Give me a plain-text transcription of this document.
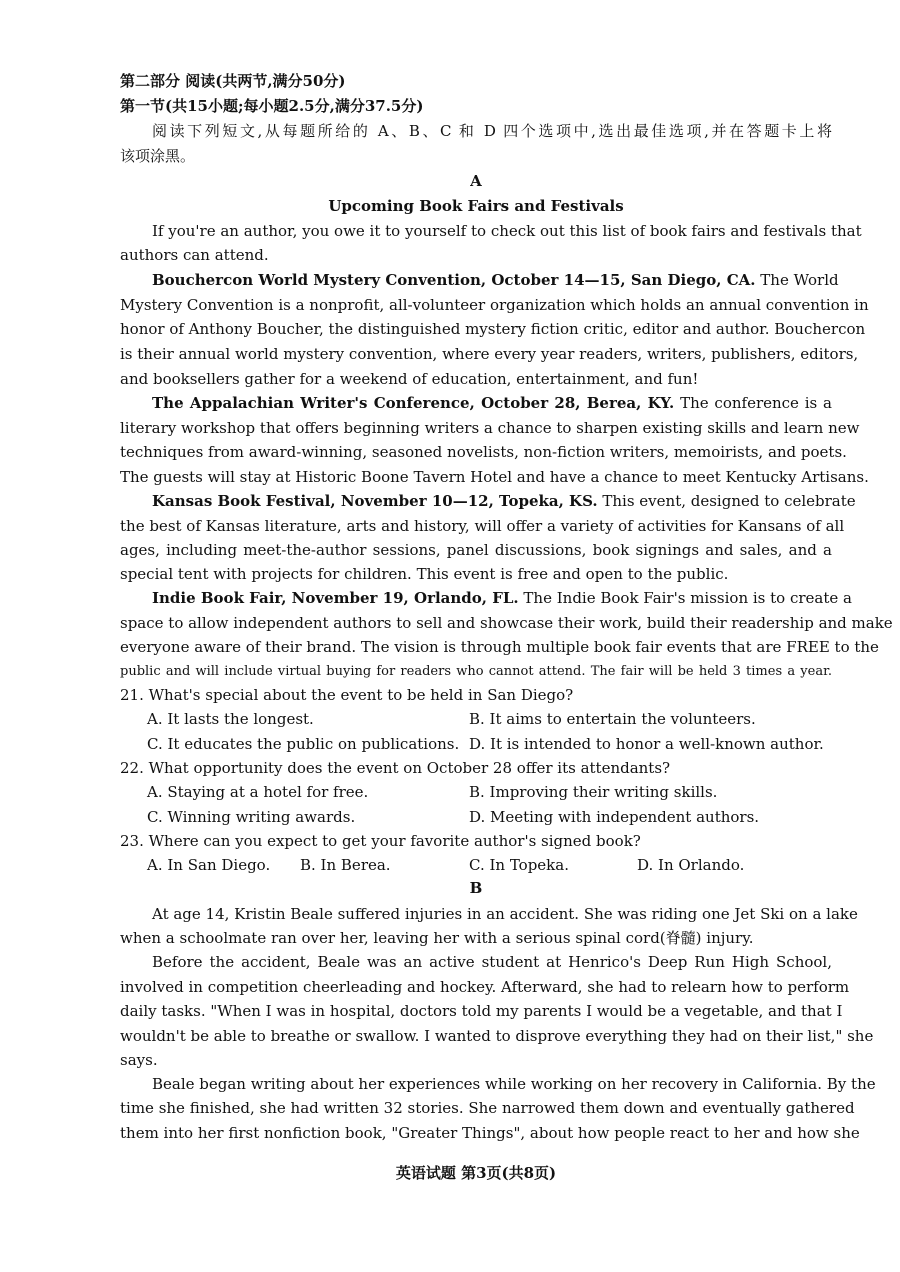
第二部分 阅读(共两节,满分50分)
第一节(共15小题;每小题2.5分,满分37.5分)
阅读下列短文,从每题所给的 A、B、C 和 D 四个选项中,选出最佳选项,并在答题卡上将
该项涂黑。
A
Upcoming Book Fairs and Festivals
If you're an author, you owe it to yourself to check out this list of book fairs and festivals that
authors can attend.
Bouchercon World Mystery Convention, October 14—15, San Diego, CA. The World
Mystery Convention is a nonprofit, all-volunteer organization which holds an annual convention in
honor of Anthony Boucher, the distinguished mystery fiction critic, editor and author. Bouchercon
is their annual world mystery convention, where every year readers, writers, publishers, editors,
and booksellers gather for a weekend of education, entertainment, and fun!
The Appalachian Writer's Conference, October 28, Berea, KY. The conference is a
literary workshop that offers beginning writers a chance to sharpen existing skills and learn new
techniques from award-winning, seasoned novelists, non-fiction writers, memoirists, and poets.
The guests will stay at Historic Boone Tavern Hotel and have a chance to meet Kentucky Artisans.
Kansas Book Festival, November 10—12, Topeka, KS. This event, designed to celebrate
the best of Kansas literature, arts and history, will offer a variety of activities for Kansans of all
ages, including meet-the-author sessions, panel discussions, book signings and sales, and a
special tent with projects for children. This event is free and open to the public.
Indie Book Fair, November 19, Orlando, FL. The Indie Book Fair's mission is to create a
space to allow independent authors to sell and showcase their work, build their readership and make
everyone aware of their brand. The vision is through multiple book fair events that are FREE to the
public and will include virtual buying for readers who cannot attend. The fair will be held 3 times a year.
21. What's special about the event to be held in San Diego?
A. It lasts the longest.	B. It aims to entertain the volunteers.
C. It educates the public on publications. D. It is intended to honor a well-known author.
22. What opportunity does the event on October 28 offer its attendants?
A. Staying at a hotel for free.	B. Improving their writing skills.
C. Winning writing awards.	D. Meeting with independent authors.
23. Where can you expect to get your favorite author's signed book?
A. In San Diego. B. In Berea.	C. In Topeka.	D. In Orlando.
B
At age 14, Kristin Beale suffered injuries in an accident. She was riding one Jet Ski on a lake
when a schoolmate ran over her, leaving her with a serious spinal cord(脊髓) injury.
Before the accident, Beale was an active student at Henrico's Deep Run High School,
involved in competition cheerleading and hockey. Afterward, she had to relearn how to perform
daily tasks. "When I was in hospital, doctors told my parents I would be a vegetable, and that I
wouldn't be able to breathe or swallow. I wanted to disprove everything they had on their list," she
says.
Beale began writing about her experiences while working on her recovery in California. By the
time she finished, she had written 32 stories. She narrowed them down and eventually gathered
them into her first nonfiction book, "Greater Things", about how people react to her and how she
英语试题 第3页(共8页)
